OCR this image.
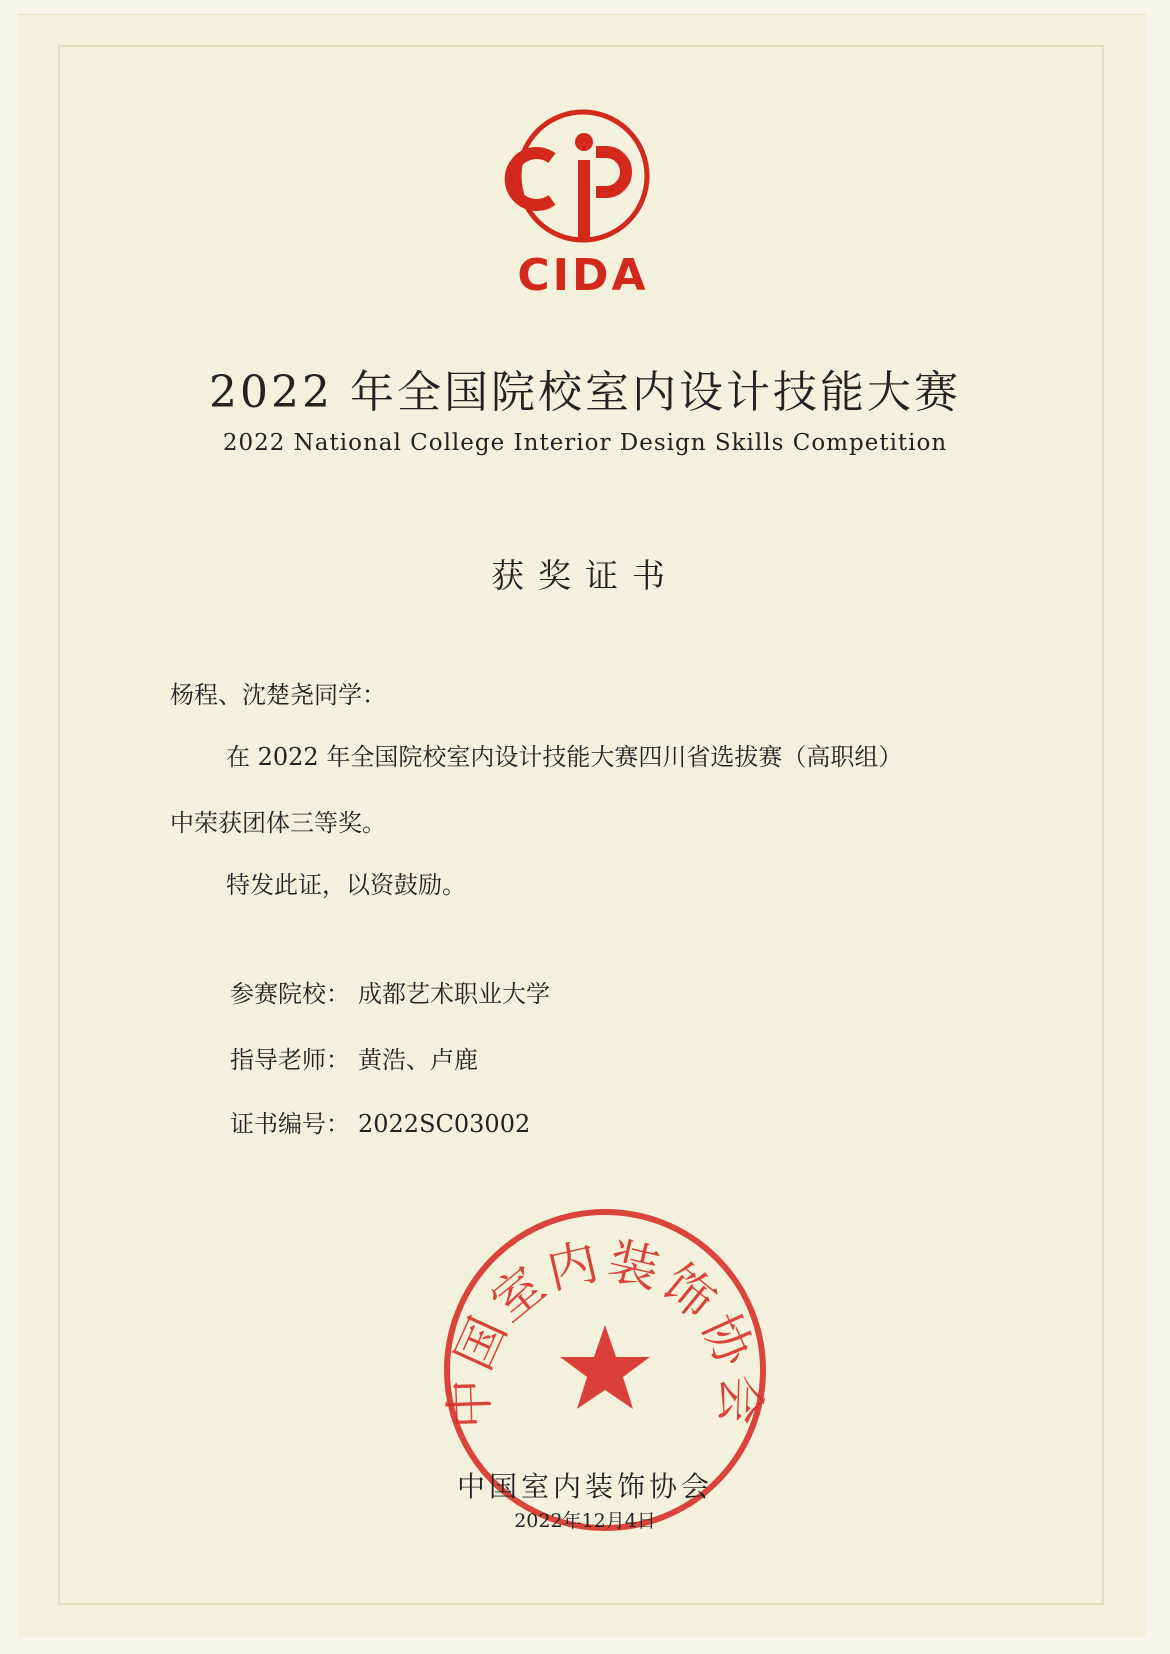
CIDA
2022 年全国院校室内设计技能大赛
2022 National College Interior Design Skills Competition
获奖证书
杨程、沈楚尧同学：
在 2022 年全国院校室内设计技能大赛四川省选拔赛（高职组）
中荣获团体三等奖。
特发此证，以资鼓励。
参赛院校： 成都艺术职业大学
指导老师： 黄浩、卢鹿
证书编号： 2022SC03002
中国室内装饰协会
中国室内装饰协会
2022年12月4日
